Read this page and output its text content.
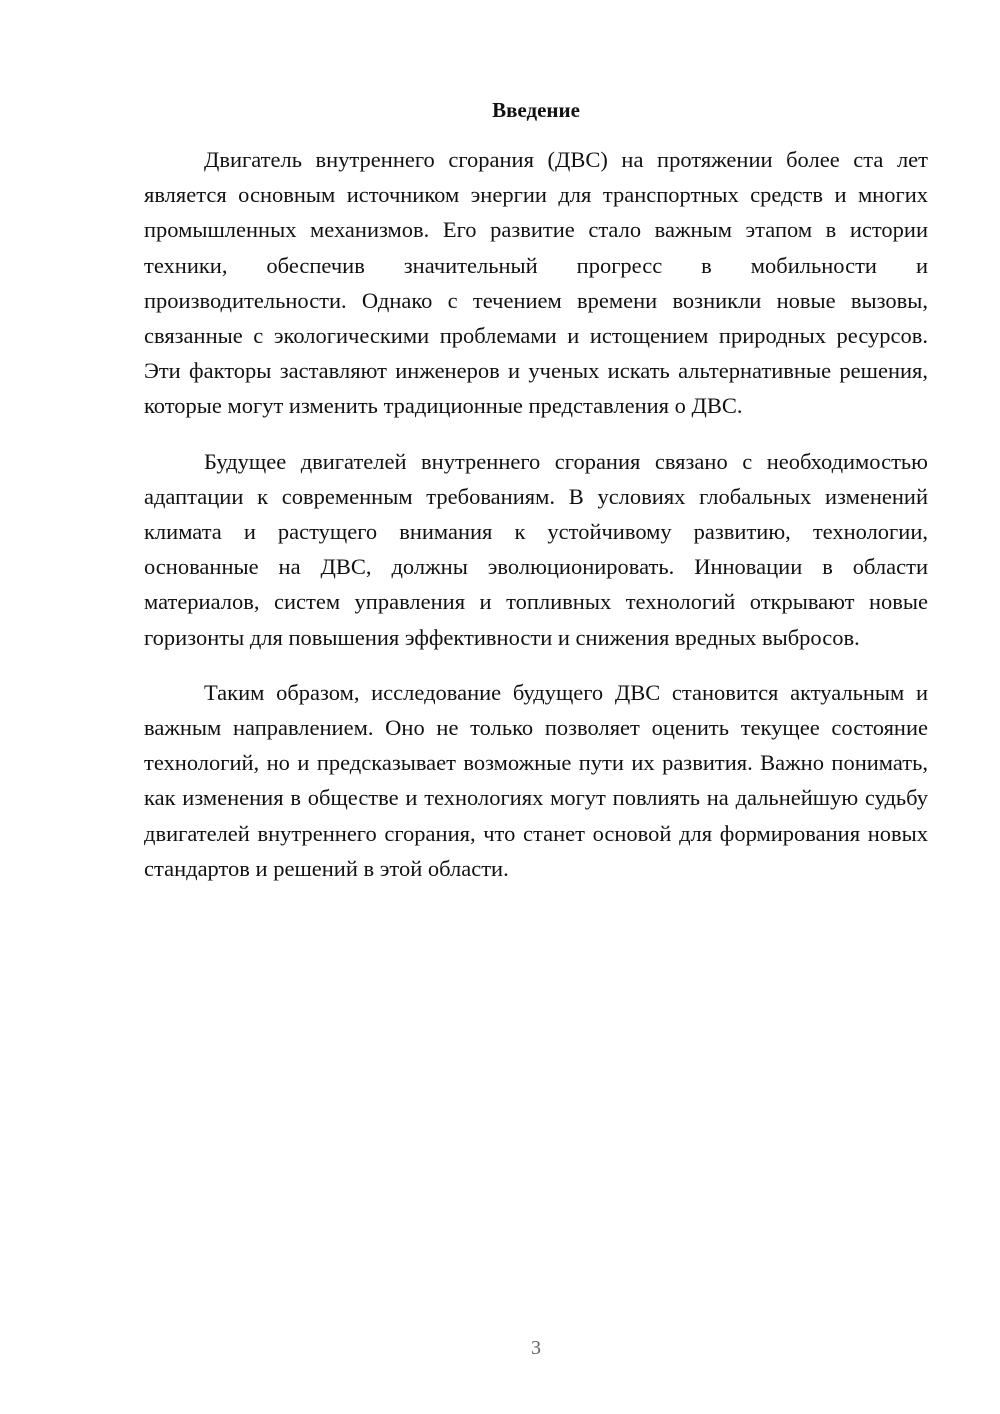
Введение

Двигатель внутреннего сгорания (ДВС) на протяжении более ста лет является основным источником энергии для транспортных средств и многих промышленных механизмов. Его развитие стало важным этапом в истории техники, обеспечив значительный прогресс в мобильности и производительности. Однако с течением времени возникли новые вызовы, связанные с экологическими проблемами и истощением природных ресурсов. Эти факторы заставляют инженеров и ученых искать альтернативные решения, которые могут изменить традиционные представления о ДВС.

Будущее двигателей внутреннего сгорания связано с необходимостью адаптации к современным требованиям. В условиях глобальных изменений климата и растущего внимания к устойчивому развитию, технологии, основанные на ДВС, должны эволюционировать. Инновации в области материалов, систем управления и топливных технологий открывают новые горизонты для повышения эффективности и снижения вредных выбросов.

Таким образом, исследование будущего ДВС становится актуальным и важным направлением. Оно не только позволяет оценить текущее состояние технологий, но и предсказывает возможные пути их развития. Важно понимать, как изменения в обществе и технологиях могут повлиять на дальнейшую судьбу двигателей внутреннего сгорания, что станет основой для формирования новых стандартов и решений в этой области.

3
